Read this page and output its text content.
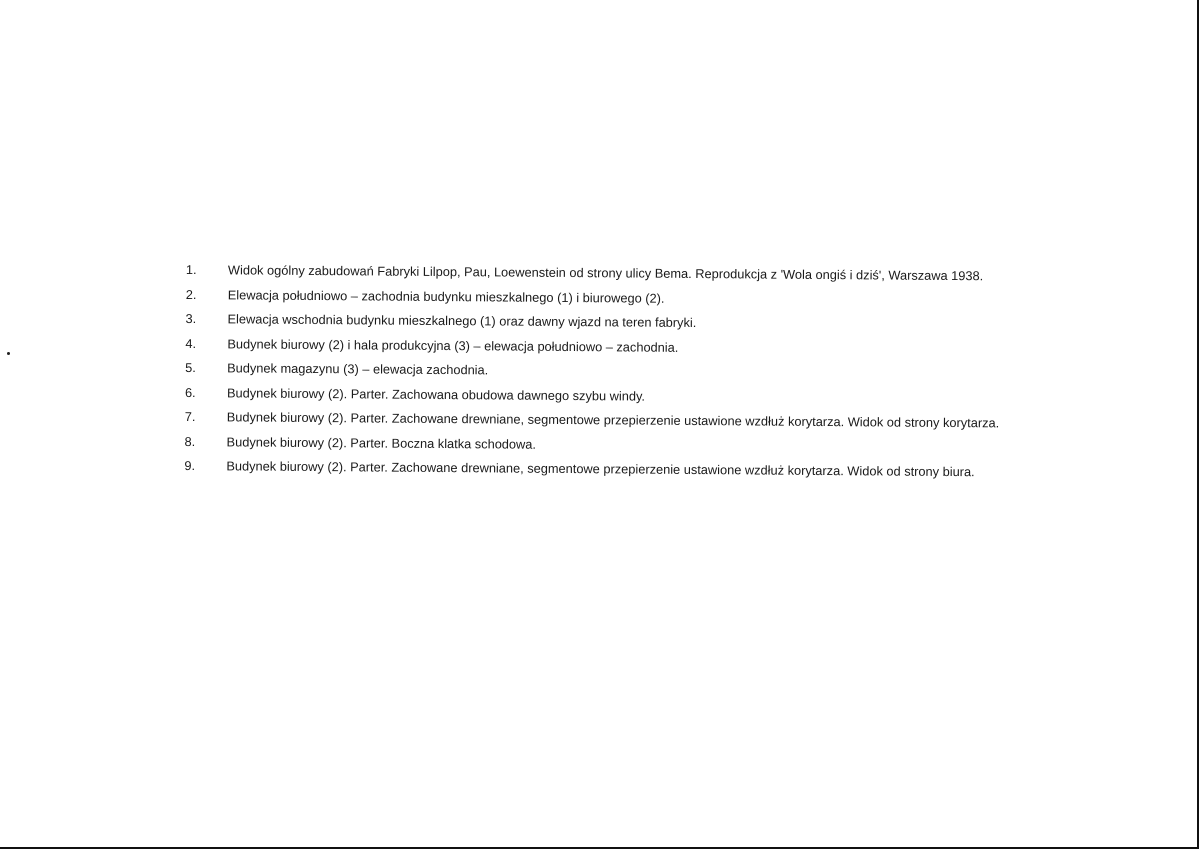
1.	Widok ogólny zabudowań Fabryki Lilpop, Pau, Loewenstein od strony ulicy Bema. Reprodukcja z 'Wola ongiś i dziś', Warszawa 1938.
2.	Elewacja południowo – zachodnia budynku mieszkalnego (1) i biurowego (2).
3.	Elewacja wschodnia budynku mieszkalnego (1) oraz dawny wjazd na teren fabryki.
4.	Budynek biurowy (2) i hala produkcyjna (3) – elewacja południowo – zachodnia.
5.	Budynek magazynu (3) – elewacja zachodnia.
6.	Budynek biurowy (2). Parter. Zachowana obudowa dawnego szybu windy.
7.	Budynek biurowy (2). Parter. Zachowane drewniane, segmentowe przepierzenie ustawione wzdłuż korytarza. Widok od strony korytarza.
8.	Budynek biurowy (2). Parter. Boczna klatka schodowa.
9.	Budynek biurowy (2). Parter. Zachowane drewniane, segmentowe przepierzenie ustawione wzdłuż korytarza. Widok od strony biura.
